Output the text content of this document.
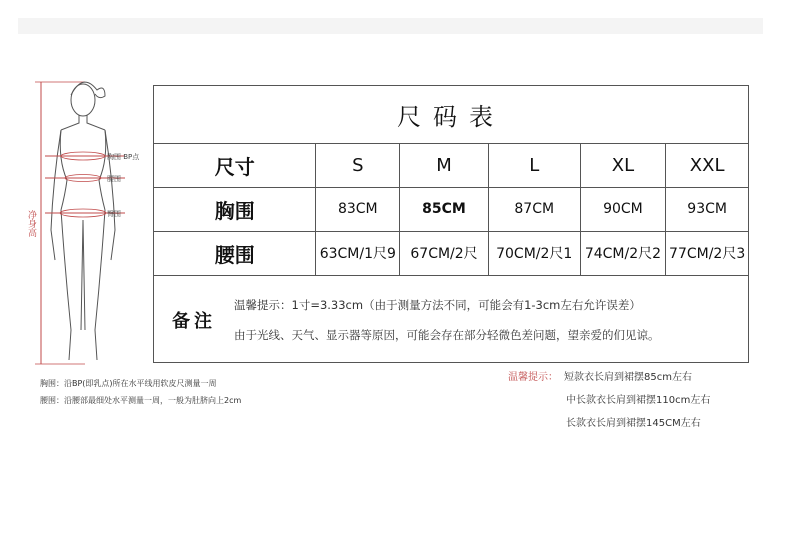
胸围 BP点
腰围
臀围
净身高
尺码表
尺寸	S	M	L	XL	XXL
胸围	83CM	85CM	87CM	90CM	93CM
腰围	63CM/1尺9	67CM/2尺	70CM/2尺1 74CM/2尺2 77CM/2尺3
备注
温馨提示：1寸=3.33cm（由于测量方法不同，可能会有1-3cm左右允许误差）
由于光线、天气、显示器等原因，可能会存在部分轻微色差问题，望亲爱的们见谅。
胸围：沿BP(即乳点)所在水平线用软皮尺测量一周
腰围：沿腰部最细处水平测量一周，一般为肚脐向上2cm
温馨提示： 短款衣长肩到裙摆85cm左右
中长款衣长肩到裙摆110cm左右
长款衣长肩到裙摆145CM左右
